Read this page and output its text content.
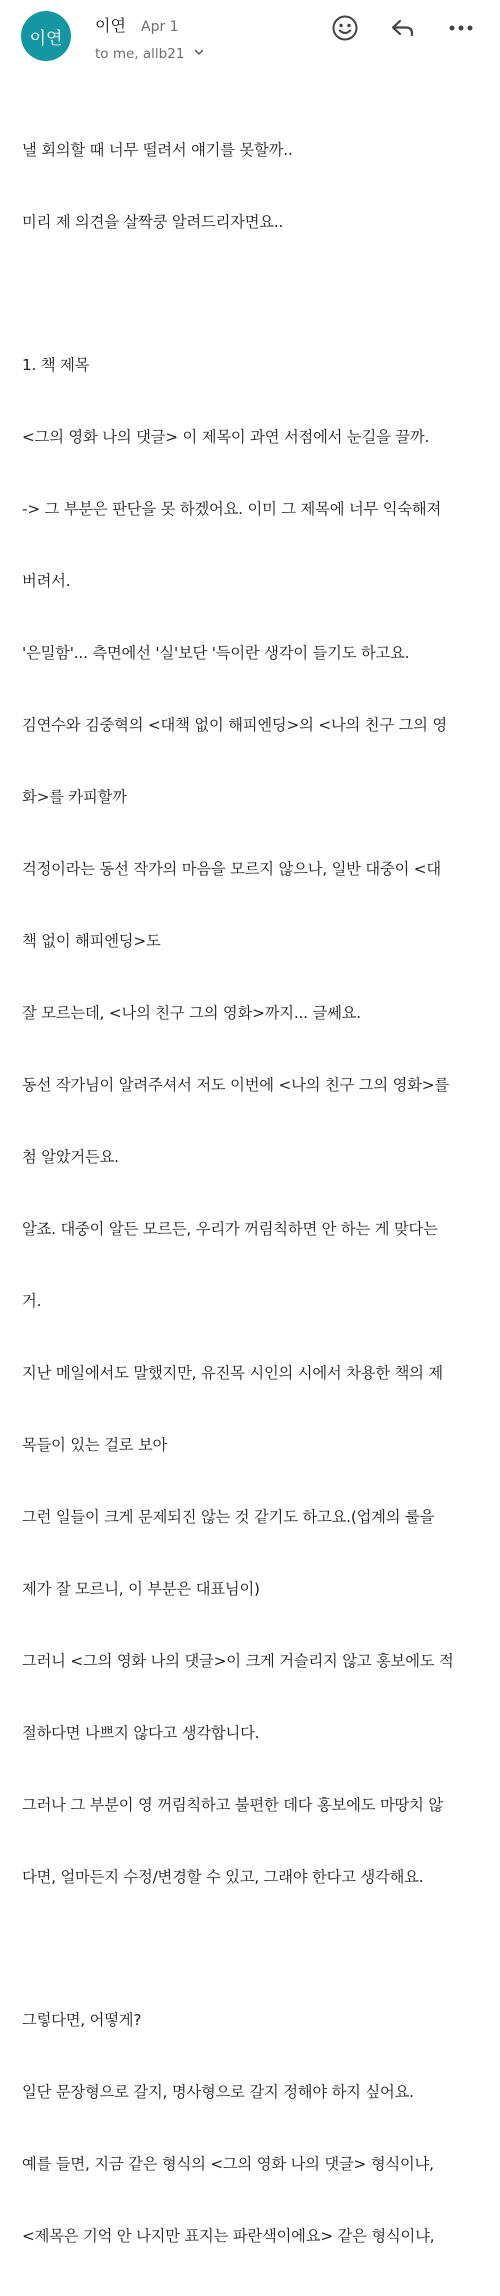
이연
이연 Apr 1
to me, allb21

낼 회의할 때 너무 떨려서 얘기를 못할까..

미리 제 의견을 살짝쿵 알려드리자면요..

1. 책 제목

<그의 영화 나의 댓글> 이 제목이 과연 서점에서 눈길을 끌까.

-> 그 부분은 판단을 못 하겠어요. 이미 그 제목에 너무 익숙해져

버려서.

'은밀함'... 측면에선 '실'보단 '득이란 생각이 들기도 하고요.

김연수와 김중혁의 <대책 없이 해피엔딩>의 <나의 친구 그의 영

화>를 카피할까

걱정이라는 동선 작가의 마음을 모르지 않으나, 일반 대중이 <대

책 없이 해피엔딩>도

잘 모르는데, <나의 친구 그의 영화>까지... 글쎄요.

동선 작가님이 알려주셔서 저도 이번에 <나의 친구 그의 영화>를

첨 알았거든요.

알죠. 대중이 알든 모르든, 우리가 꺼림칙하면 안 하는 게 맞다는

거.

지난 메일에서도 말했지만, 유진목 시인의 시에서 차용한 책의 제

목들이 있는 걸로 보아

그런 일들이 크게 문제되진 않는 것 같기도 하고요.(업계의 룰을

제가 잘 모르니, 이 부분은 대표님이)

그러니 <그의 영화 나의 댓글>이 크게 거슬리지 않고 홍보에도 적

절하다면 나쁘지 않다고 생각합니다.

그러나 그 부분이 영 꺼림칙하고 불편한 데다 홍보에도 마땅치 않

다면, 얼마든지 수정/변경할 수 있고, 그래야 한다고 생각해요.

그렇다면, 어떻게?

일단 문장형으로 갈지, 명사형으로 갈지 정해야 하지 싶어요.

예를 들면, 지금 같은 형식의 <그의 영화 나의 댓글> 형식이냐,

<제목은 기억 안 나지만 표지는 파란색이에요> 같은 형식이냐,
